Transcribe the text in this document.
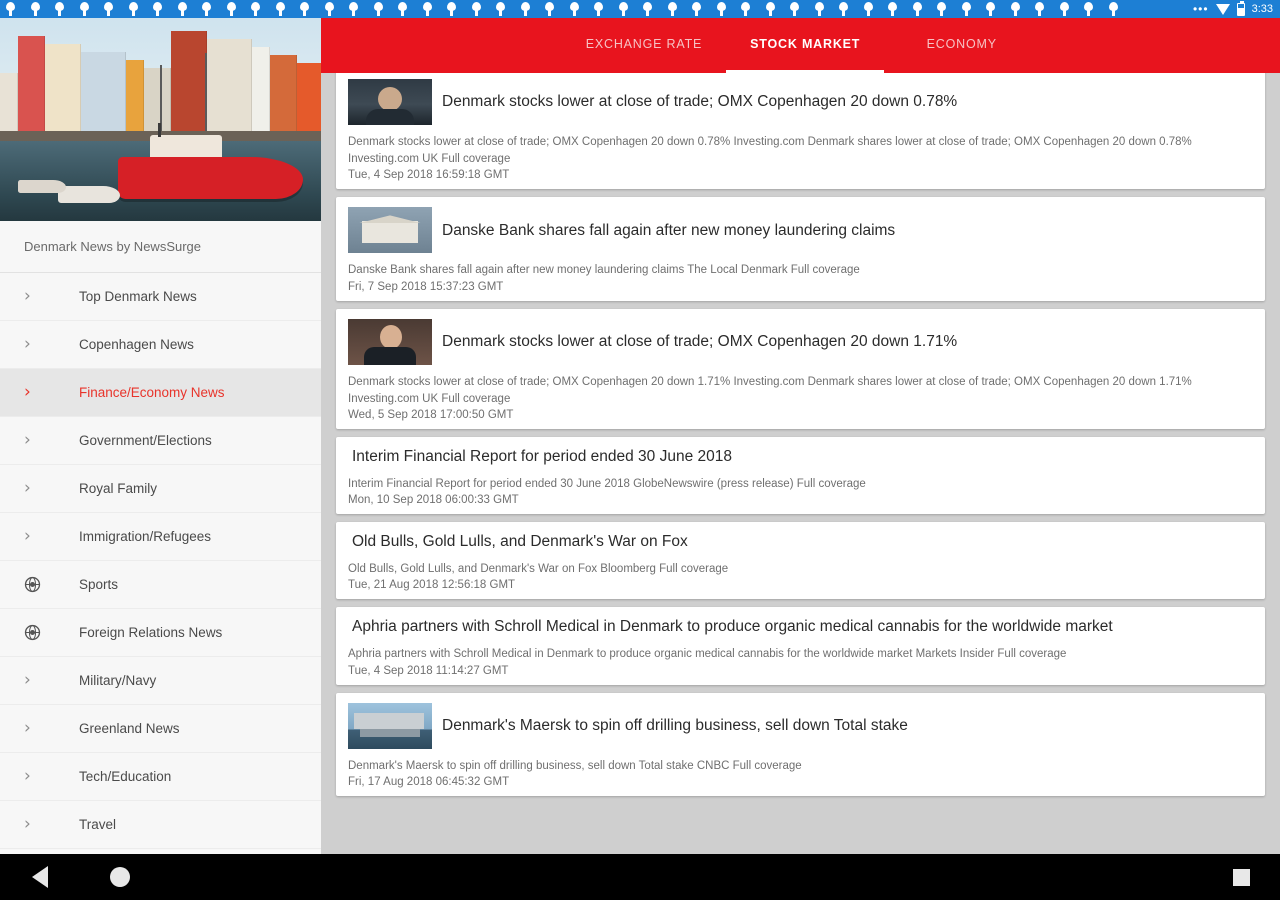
•••	3:33
Denmark News by NewsSurge
›	Top Denmark News
›	Copenhagen News
›	Finance/Economy News
›	Government/Elections
›	Royal Family
›	Immigration/Refugees
Sports
Foreign Relations News
›	Military/Navy
›	Greenland News
›	Tech/Education
›	Travel
EXCHANGE RATE	STOCK MARKET	ECONOMY
Denmark stocks lower at close of trade; OMX Copenhagen 20 down 0.78%
Denmark stocks lower at close of trade; OMX Copenhagen 20 down 0.78% Investing.com Denmark shares lower at close of trade; OMX Copenhagen 20 down 0.78% Investing.com UK Full coverage
Tue, 4 Sep 2018 16:59:18 GMT
Danske Bank shares fall again after new money laundering claims
Danske Bank shares fall again after new money laundering claims The Local Denmark Full coverage
Fri, 7 Sep 2018 15:37:23 GMT
Denmark stocks lower at close of trade; OMX Copenhagen 20 down 1.71%
Denmark stocks lower at close of trade; OMX Copenhagen 20 down 1.71% Investing.com Denmark shares lower at close of trade; OMX Copenhagen 20 down 1.71% Investing.com UK Full coverage
Wed, 5 Sep 2018 17:00:50 GMT
Interim Financial Report for period ended 30 June 2018
Interim Financial Report for period ended 30 June 2018 GlobeNewswire (press release) Full coverage
Mon, 10 Sep 2018 06:00:33 GMT
Old Bulls, Gold Lulls, and Denmark's War on Fox
Old Bulls, Gold Lulls, and Denmark's War on Fox Bloomberg Full coverage
Tue, 21 Aug 2018 12:56:18 GMT
Aphria partners with Schroll Medical in Denmark to produce organic medical cannabis for the worldwide market
Aphria partners with Schroll Medical in Denmark to produce organic medical cannabis for the worldwide market Markets Insider Full coverage
Tue, 4 Sep 2018 11:14:27 GMT
Denmark's Maersk to spin off drilling business, sell down Total stake
Denmark's Maersk to spin off drilling business, sell down Total stake CNBC Full coverage
Fri, 17 Aug 2018 06:45:32 GMT
